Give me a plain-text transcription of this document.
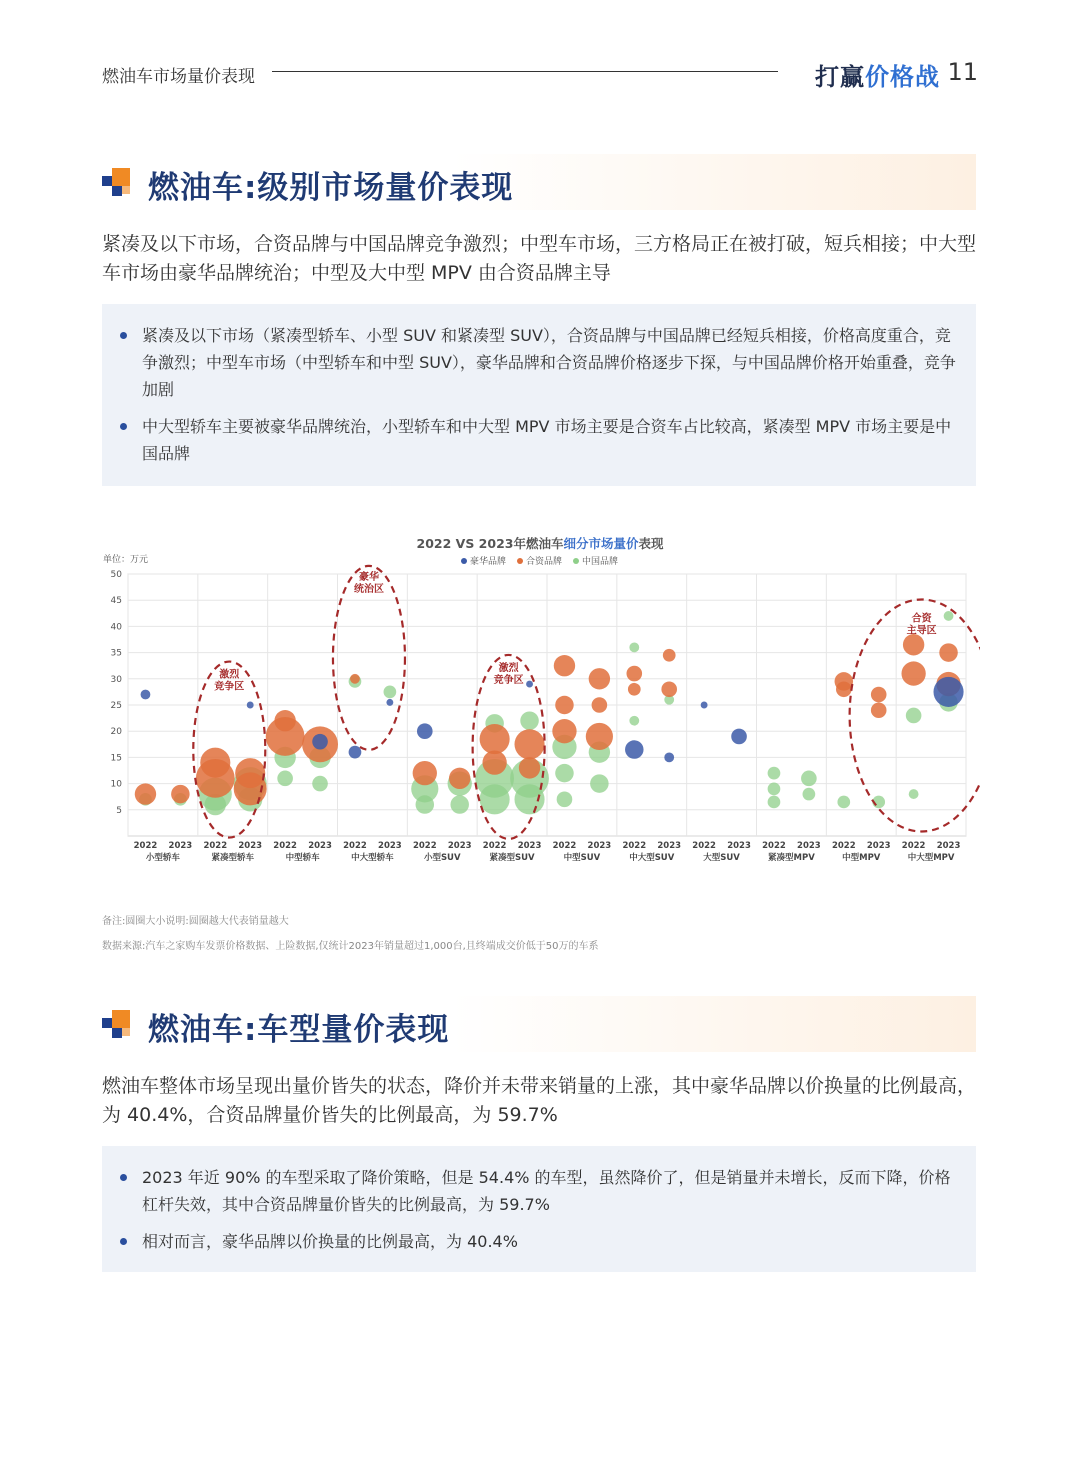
燃油车市场量价表现	打赢价格战 11
燃油车:级别市场量价表现
紧凑及以下市场，合资品牌与中国品牌竞争激烈；中型车市场，三方格局正在被打破，短兵相接；中大型车市场由豪华品牌统治；中型及大中型 MPV 由合资品牌主导
紧凑及以下市场（紧凑型轿车、小型 SUV 和紧凑型 SUV），合资品牌与中国品牌已经短兵相接，价格高度重合，竞争激烈；中型车市场（中型轿车和中型 SUV），豪华品牌和合资品牌价格逐步下探，与中国品牌价格开始重叠，竞争加剧
中大型轿车主要被豪华品牌统治，小型轿车和中大型 MPV 市场主要是合资车占比较高，紧凑型 MPV 市场主要是中国品牌
2022 VS 2023年燃油车细分市场量价表现
单位：万元	豪华品牌 合资品牌 中国品牌
5
10
15
20
25
30
35
40
45
50
2022 2023
小型轿车
2022 2023
紧凑型轿车
2022 2023
中型轿车
2022 2023
中大型轿车
2022 2023
小型SUV
2022 2023
紧凑型SUV
2022 2023
中型SUV
2022 2023
中大型SUV
2022 2023
大型SUV
2022 2023
紧凑型MPV
2022 2023
中型MPV
2022 2023
中大型MPV
激烈
竞争区
豪华
统治区
激烈
竞争区
合资
主导区
备注:圆圈大小说明:圆圈越大代表销量越大
数据来源:汽车之家购车发票价格数据、上险数据,仅统计2023年销量超过1,000台,且终端成交价低于50万的车系
燃油车:车型量价表现
燃油车整体市场呈现出量价皆失的状态，降价并未带来销量的上涨，其中豪华品牌以价换量的比例最高，为 40.4%，合资品牌量价皆失的比例最高，为 59.7%
2023 年近 90% 的车型采取了降价策略，但是 54.4% 的车型，虽然降价了，但是销量并未增长，反而下降，价格杠杆失效，其中合资品牌量价皆失的比例最高，为 59.7%
相对而言，豪华品牌以价换量的比例最高，为 40.4%
